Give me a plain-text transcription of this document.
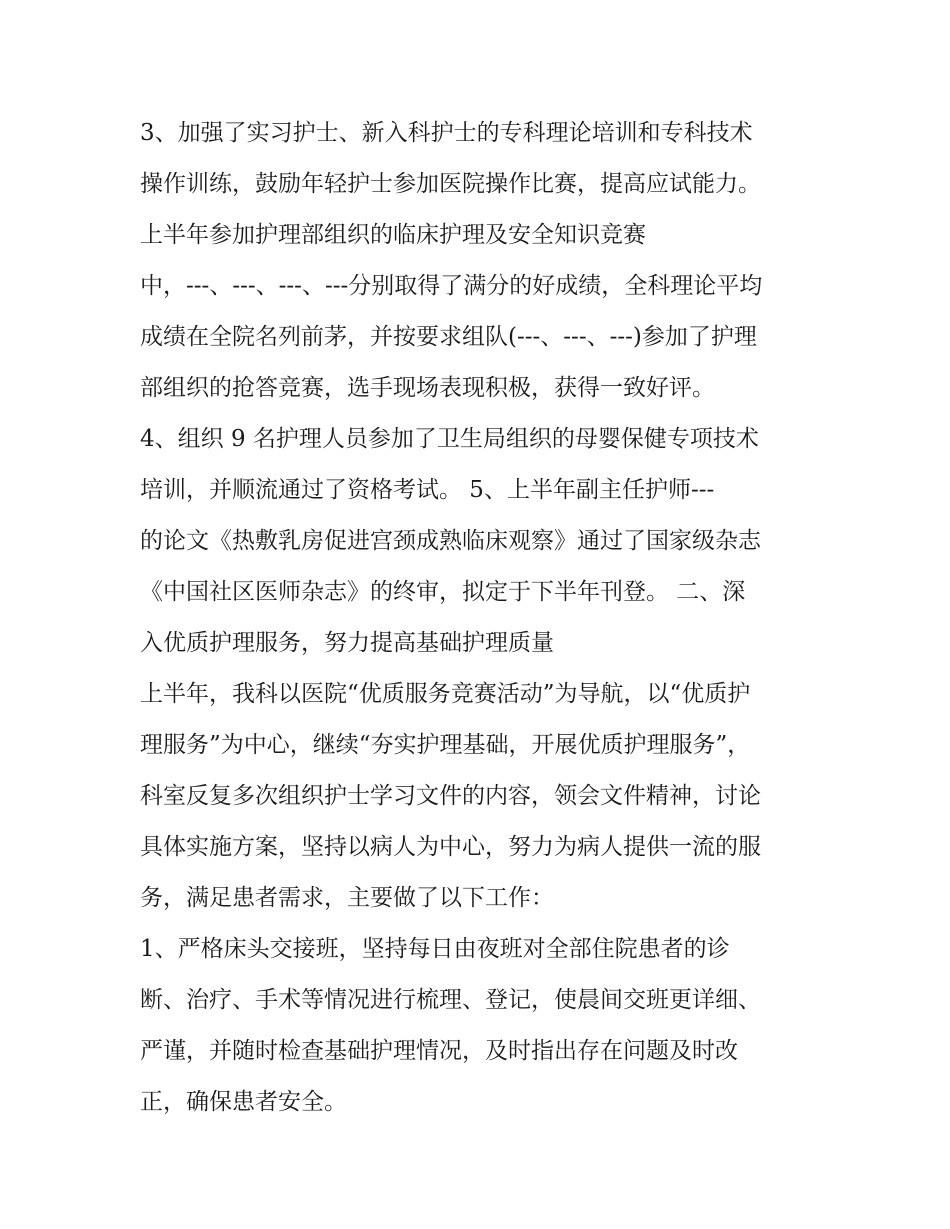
3、加强了实习护士、新入科护士的专科理论培训和专科技术
操作训练，鼓励年轻护士参加医院操作比赛，提高应试能力。
上半年参加护理部组织的临床护理及安全知识竞赛
中，---、---、---、---分别取得了满分的好成绩，全科理论平均
成绩在全院名列前茅，并按要求组队(---、---、---)参加了护理
部组织的抢答竞赛，选手现场表现积极，获得一致好评。
4、组织 9 名护理人员参加了卫生局组织的母婴保健专项技术
培训，并顺流通过了资格考试。 5、上半年副主任护师---
的论文《热敷乳房促进宫颈成熟临床观察》通过了国家级杂志
《中国社区医师杂志》的终审，拟定于下半年刊登。 二、深
入优质护理服务，努力提高基础护理质量
上半年，我科以医院“优质服务竞赛活动”为导航，以“优质护
理服务”为中心，继续“夯实护理基础，开展优质护理服务”，
科室反复多次组织护士学习文件的内容，领会文件精神，讨论
具体实施方案，坚持以病人为中心，努力为病人提供一流的服
务，满足患者需求，主要做了以下工作：
1、严格床头交接班，坚持每日由夜班对全部住院患者的诊
断、治疗、手术等情况进行梳理、登记，使晨间交班更详细、
严谨，并随时检查基础护理情况，及时指出存在问题及时改
正，确保患者安全。
